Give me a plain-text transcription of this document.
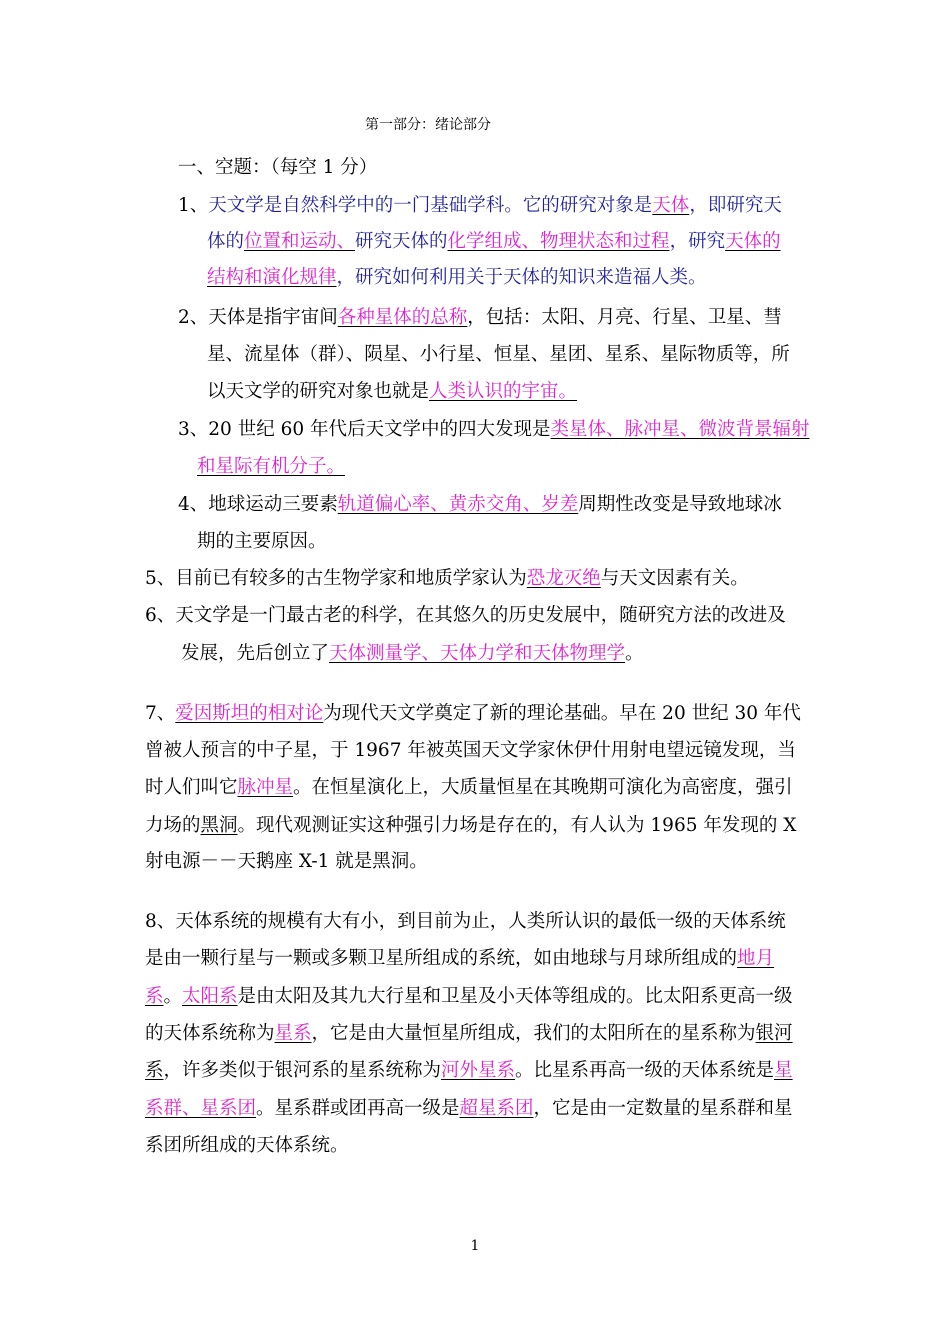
第一部分：绪论部分
一、空题：（每空 1 分）
1、天文学是自然科学中的一门基础学科。它的研究对象是天体，即研究天
体的位置和运动、研究天体的化学组成、物理状态和过程，研究天体的
结构和演化规律，研究如何利用关于天体的知识来造福人类。
2、天体是指宇宙间各种星体的总称，包括：太阳、月亮、行星、卫星、彗
星、流星体（群）、陨星、小行星、恒星、星团、星系、星际物质等，所
以天文学的研究对象也就是人类认识的宇宙。
3、20 世纪 60 年代后天文学中的四大发现是类星体、脉冲星、微波背景辐射
和星际有机分子。
4、地球运动三要素轨道偏心率、黄赤交角、岁差周期性改变是导致地球冰
期的主要原因。
5、目前已有较多的古生物学家和地质学家认为恐龙灭绝与天文因素有关。
6、天文学是一门最古老的科学，在其悠久的历史发展中，随研究方法的改进及
发展，先后创立了天体测量学、天体力学和天体物理学。
7、爱因斯坦的相对论为现代天文学奠定了新的理论基础。早在 20 世纪 30 年代
曾被人预言的中子星，于 1967 年被英国天文学家休伊什用射电望远镜发现，当
时人们叫它脉冲星。在恒星演化上，大质量恒星在其晚期可演化为高密度，强引
力场的黑洞。现代观测证实这种强引力场是存在的，有人认为 1965 年发现的 X
射电源－－天鹅座 X-1 就是黑洞。
8、天体系统的规模有大有小，到目前为止，人类所认识的最低一级的天体系统
是由一颗行星与一颗或多颗卫星所组成的系统，如由地球与月球所组成的地月
系。太阳系是由太阳及其九大行星和卫星及小天体等组成的。比太阳系更高一级
的天体系统称为星系，它是由大量恒星所组成，我们的太阳所在的星系称为银河
系，许多类似于银河系的星系统称为河外星系。比星系再高一级的天体系统是星
系群、星系团。星系群或团再高一级是超星系团，它是由一定数量的星系群和星
系团所组成的天体系统。
1
